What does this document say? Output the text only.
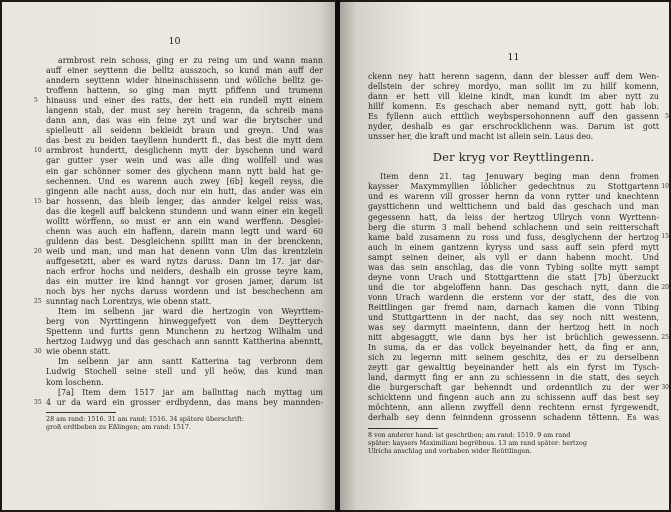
10
armbrost rein schoss, ging er zu reing um und wann mann
auff einer seyttenn die belltz ausszoch, so kund man auff der
anndern seyttenn wider hineinschissenn und wöllche belltz ge-
troffenn hattenn, so ging man mytt pfiffenn und trumenn
hinauss und einer des ratts, der hett ein rundell mytt einem
5
langenn stab, der must sey herein tragenn, da schreib mans
dann ann, das was ein feine zyt und war die brytscher und
spielleutt all seidenn bekleidt braun und greyn. Und was
das best zu beiden taeyllenn hundertt fl., das best die mytt dem
armbrost hundertt, desglichenn mytt der byschenn und ward
10
gar gutter yser wein und was alle ding wollfell und was
ein gar schönner somer des glychenn mann nytt bald hat ge-
sechennen. Und es warenn auch zwey [6b] kegell reyss, die
gingenn alle nacht auss, doch nur ein hutt, das ander was ein
bar hossenn, das bleib lenger, das annder kelgel reiss was,
15
das die kegell auff balckenn stundenn und wann einer ein kegell
wolltt wörffenn, so must er ann ein wand werffenn. Desglei-
chenn was auch ein haffenn, darein mann legtt und ward 60
guldenn das best. Desgleichenn spilltt man in der brenckenn,
weib und man, und man hat denenn vonn Ulm das krentzlein
20
auffgesetztt, aber es ward nytzs daruss. Dann im 17. jar dar-
nach erfror hochs und neiders, deshalb ein grosse teyre kam,
das ein mutter ire kind hanngt vor grosen jamer, darum ist
noch bys her nychs daruss wordenn und ist beschechenn am
sunntag nach Lorentzys, wie obenn statt.
25
Item im selbenn jar ward die hertzogin von Weyrttem-
berg von Nyrttingenn hinweggefyett von dem Deytterych
Spettenn und furtts genn Munchenn zu hertzog Wilhalm und
hertzog Ludwyg und das geschach ann sanntt Kattherina abenntt,
wie obenn statt.
30
Im selbenn jar ann santt Katterina tag verbronn dem
Ludwig Stochell seine stell und yll heöw, das kund man
kom loschenn.
[7a] Item dem 1517 jar am ballnttag nach myttag um
4 ur da ward ein grosser erdbydenn, das mans bey mannden-
35
28 am rand: 1516. 31 am rand: 1516. 34 spätere überschrift:
groß erdtbeben zu Eßlingen; am rand: 1517.
11
ckenn ney hatt herenn sagenn, dann der blesser auff dem Wen-
dellstein der schrey mordyo, man sollit im zu hillf komenn,
dann er hett vill kleine kindt, man kundt im aber nytt zu
hillf komenn. Es geschach aber nemand nytt, gott hab lob.
Es fyllenn auch etttlich weybspersohonnenn auff den gassenn 5
nyder, deshalb es gar erschrocklichenn was. Darum ist gott
unsser her, die kraft und macht ist allein sein. Laus deo.
Der kryg vor Reyttlingenn.
Item denn 21. tag Jenuwary beging man denn fromen
kaysser Maxymmyllien löblicher gedechtnus zu Stottgartenn 10
und es warenn vill grosser hernn da vonn rytter und knechtenn
gaysttichenn und welttichenn und bald das geschach und man
gegessenn hatt, da leiss der hertzog Ullrych vonn Wyrttenn-
berg die sturm 3 mall behend schlachenn und sein reitterschaft
kame bald zusamenn zu ross und fuss, desglychenn der hertzog 15
auch in einem gantzenn kyryss und sass auff sein pferd mytt
sampt seinen deiner, als vyll er dann habenn mocht. Und
was das sein anschlag, das die vonn Tybing sollte mytt sampt
deyne vonn Urach und Stottgarttenn die statt [7b] überzuckt
und die tor abgeloffenn hann. Das geschach nytt, dann die 20
vonn Urach wardenn die erstenn vor der statt, des die von
Reittlingen gar fremd nam, darnach kamen die vonn Tibing
und Stuttgarttenn in der nacht, das sey noch nitt westenn,
was sey darmytt maeintenn, dann der hertzog hett in noch
nitt abgesaggtt, wie dann bys her ist brüchlich gewessenn. 25
In suma, da er das vollck beyeinander hett, da fing er ann,
sich zu legernn mitt seinem geschitz, des er zu derselbenn
zeytt gar gewalttig beyeinander hett als ein fyrst im Tysch-
land, darmytt fing er ann zu schiessenn in die statt, des seych
die burgerschaft gar behenndt und ordenntlich zu der wer 30
schicktenn und fingenn auch ann zu schissenn auff das best sey
möchtenn, ann allenn zwyffell denn rechtenn ernst fyrgewendt,
derhalb sey denn feinndenn grossenn schadenn tëttenn. Es was
8 von anderer hand: ist geschriben; am rand: 1519. 9 am rand
später: kaysers Maximiliani begrëbnus. 13 am rand später: hertzog
Ulrichs anschlag und vorhaben wider Reüttlingen.
